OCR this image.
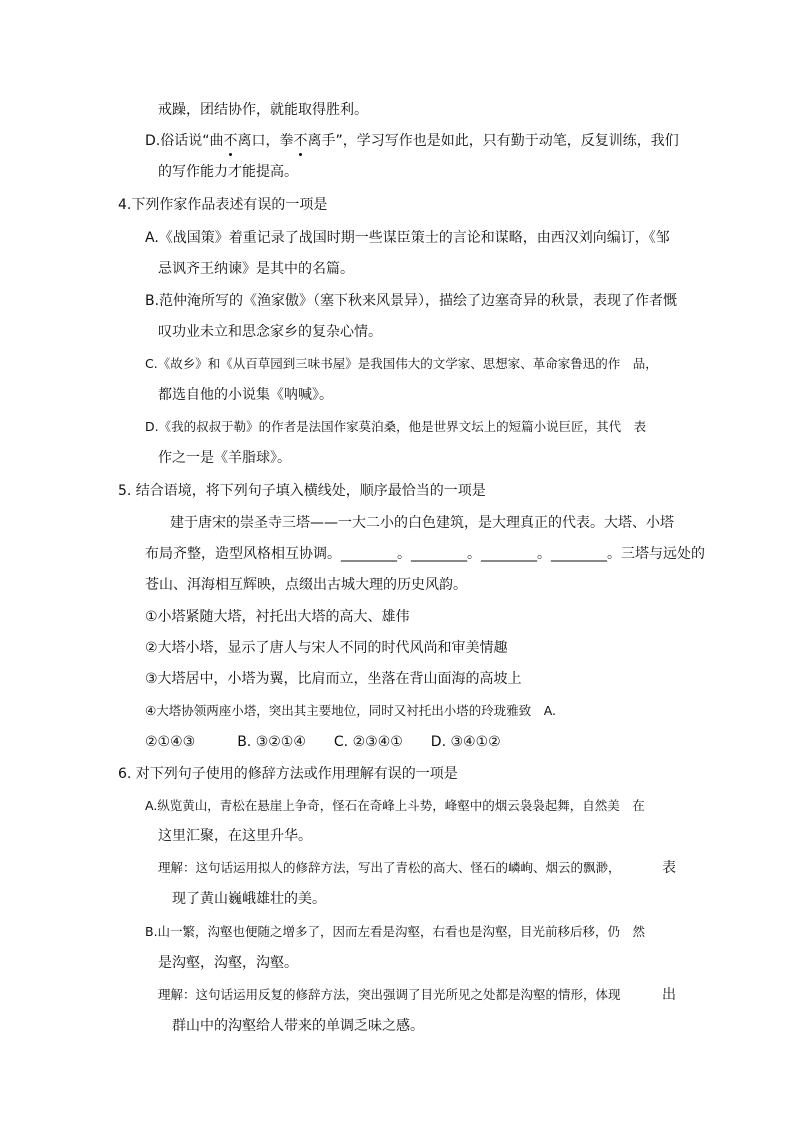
戒躁，团结协作，就能取得胜利。
D.俗话说“曲不离口，拳不离手”，学习写作也是如此，只有勤于动笔，反复训练，我们
的写作能力才能提高。
4.下列作家作品表述有误的一项是
A.《战国策》着重记录了战国时期一些谋臣策士的言论和谋略，由西汉刘向编订，《邹
忌讽齐王纳谏》是其中的名篇。
B.范仲淹所写的《渔家傲》（塞下秋来风景异），描绘了边塞奇异的秋景，表现了作者慨
叹功业未立和思念家乡的复杂心情。
C.《故乡》和《从百草园到三味书屋》是我国伟大的文学家、思想家、革命家鲁迅的作　品，
都选自他的小说集《呐喊》。
D.《我的叔叔于勒》的作者是法国作家莫泊桑，他是世界文坛上的短篇小说巨匠，其代　表
作之一是《羊脂球》。
5. 结合语境，将下列句子填入横线处，顺序最恰当的一项是
建于唐宋的崇圣寺三塔——一大二小的白色建筑，是大理真正的代表。大塔、小塔
布局齐整，造型风格相互协调。________。________。________。________。三塔与远处的
苍山、洱海相互辉映，点缀出古城大理的历史风韵。
①小塔紧随大塔，衬托出大塔的高大、雄伟
②大塔小塔，显示了唐人与宋人不同的时代风尚和审美情趣
③大塔居中，小塔为翼，比肩而立，坐落在背山面海的高坡上
④大塔协领两座小塔，突出其主要地位，同时又衬托出小塔的玲珑雅致　A.
②①④③　　　B. ③②①④　　C. ②③④①　　D. ③④①②
6. 对下列句子使用的修辞方法或作用理解有误的一项是
A.纵览黄山，青松在悬崖上争奇，怪石在奇峰上斗势，峰壑中的烟云袅袅起舞，自然美　在
这里汇聚，在这里升华。
理解：这句话运用拟人的修辞方法，写出了青松的高大、怪石的嶙峋、烟云的飘渺，	表
现了黄山巍峨雄壮的美。
B.山一繁，沟壑也便随之增多了，因而左看是沟壑，右看也是沟壑，目光前移后移，仍　然
是沟壑，沟壑，沟壑。
理解：这句话运用反复的修辞方法，突出强调了目光所见之处都是沟壑的情形，体现	出
群山中的沟壑给人带来的单调乏味之感。
